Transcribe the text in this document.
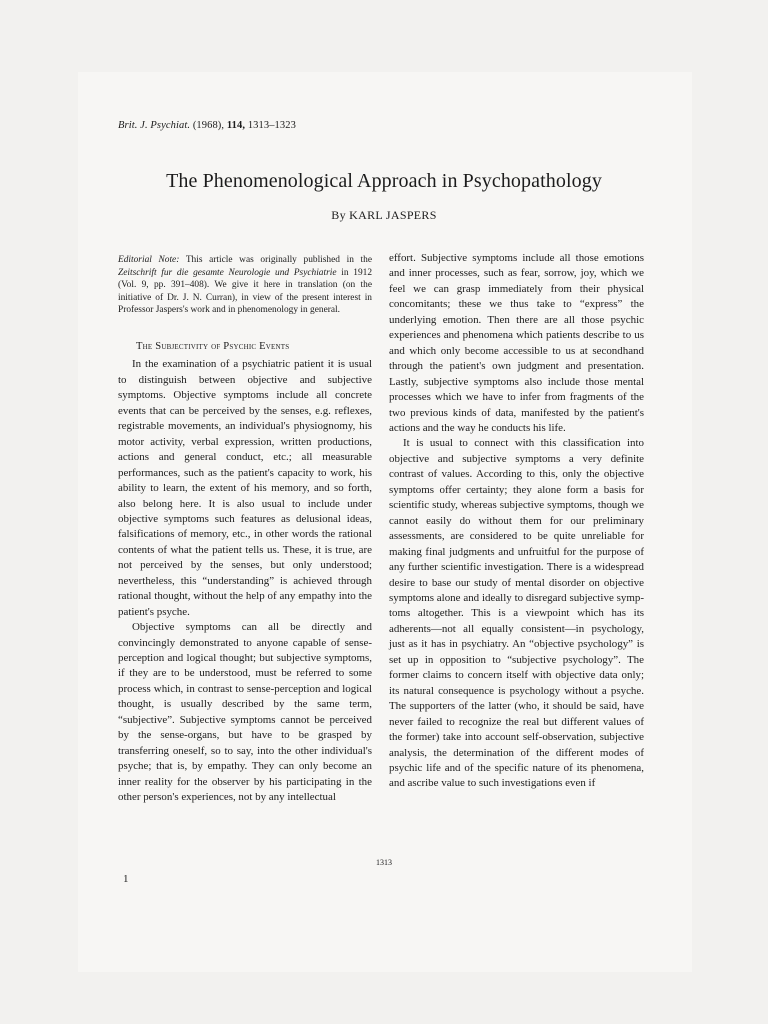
Brit. J. Psychiat. (1968), 114, 1313–1323
The Phenomenological Approach in Psychopathology
By KARL JASPERS
Editorial Note: This article was originally published in the Zeitschrift fur die gesamte Neurologie und Psychiatrie in 1912 (Vol. 9, pp. 391–408). We give it here in translation (on the initiative of Dr. J. N. Curran), in view of the present interest in Professor Jaspers's work and in phenomenology in general.
The Subjectivity of Psychic Events

In the examination of a psychiatric patient it is usual to distinguish between objective and subjective symptoms. Objective symptoms include all concrete events that can be perceived by the senses, e.g. reflexes, registrable movements, an individual's physiognomy, his motor activity, verbal expression, written productions, actions and general conduct, etc.; all measurable performances, such as the patient's capacity to work, his ability to learn, the extent of his memory, and so forth, also belong here. It is also usual to include under objective symptoms such features as delusional ideas, falsifications of memory, etc., in other words the rational contents of what the patient tells us. These, it is true, are not perceived by the senses, but only understood; nevertheless, this “understanding” is achieved through rational thought, without the help of any empathy into the patient's psyche.

Objective symptoms can all be directly and convincingly demonstrated to anyone capable of sense-perception and logical thought; but subjective symptoms, if they are to be understood, must be referred to some process which, in contrast to sense-perception and logical thought, is usually described by the same term, “subjective”. Subjective symptoms cannot be perceived by the sense-organs, but have to be grasped by transferring oneself, so to say, into the other individual's psyche; that is, by empathy. They can only become an inner reality for the observer by his participating in the other person's experiences, not by any intellectual

effort. Subjective symptoms include all those emotions and inner processes, such as fear, sorrow, joy, which we feel we can grasp immediately from their physical concomitants; these we thus take to “express” the underlying emotion. Then there are all those psychic experiences and phenomena which patients describe to us and which only become accessible to us at secondhand through the patient's own judgment and presentation. Lastly, subjective symptoms also include those mental processes which we have to infer from fragments of the two previous kinds of data, manifested by the patient's actions and the way he conducts his life.

It is usual to connect with this classification into objective and subjective symptoms a very definite contrast of values. According to this, only the objective symptoms offer certainty; they alone form a basis for scientific study, whereas subjective symptoms, though we cannot easily do without them for our preliminary assessments, are considered to be quite unreliable for making final judgments and unfruitful for the purpose of any further scientific investigation. There is a widespread desire to base our study of mental disorder on objective symptoms alone and ideally to disregard subjective symptoms altogether. This is a viewpoint which has its adherents—not all equally consistent—in psychology, just as it has in psychiatry. An “objective psychology” is set up in opposition to “subjective psychology”. The former claims to concern itself with objective data only; its natural consequence is psychology without a psyche. The supporters of the latter (who, it should be said, have never failed to recognize the real but different values of the former) take into account self-observation, subjective analysis, the determination of the different modes of psychic life and of the specific nature of its phenomena, and ascribe value to such investigations even if

1313
1
